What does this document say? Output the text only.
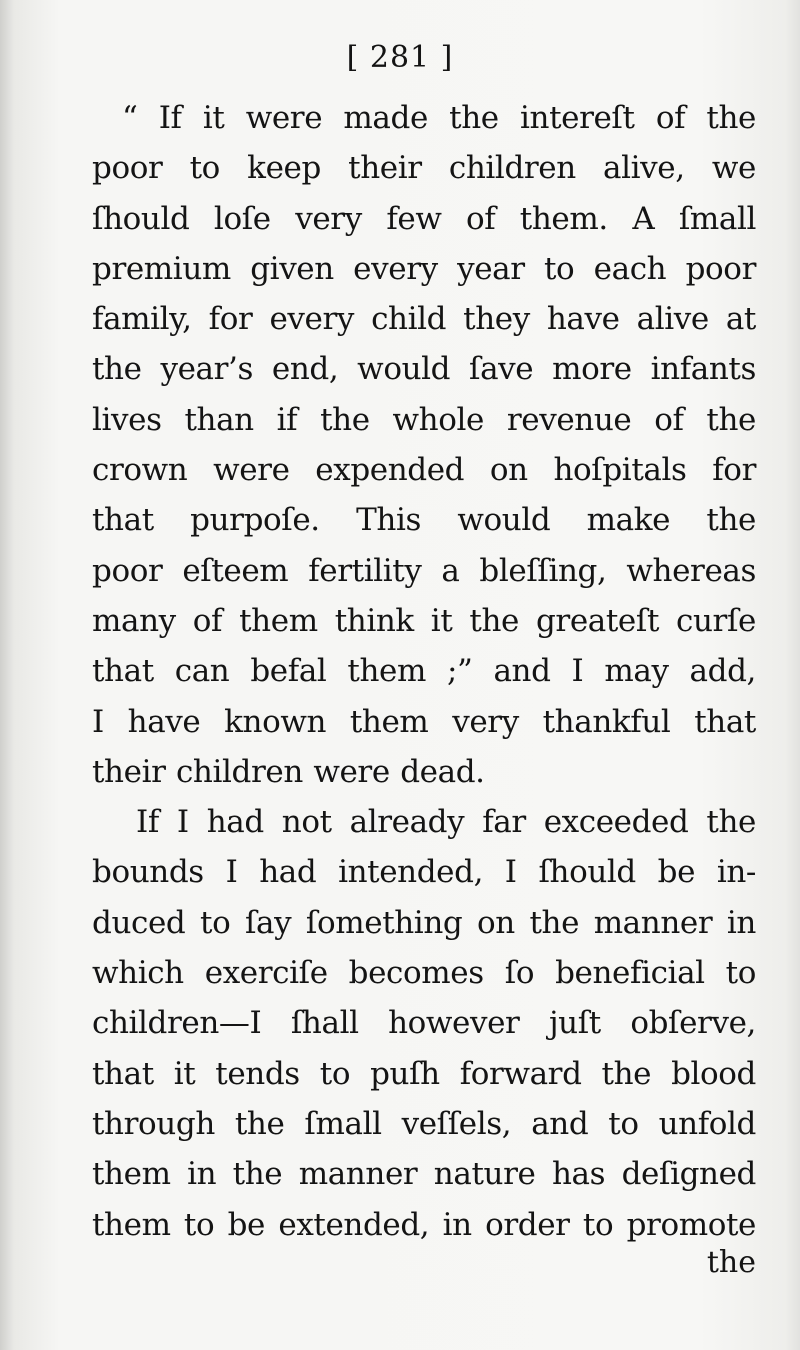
[ 281 ]
“ If it were made the intereſt of the
poor to keep their children alive, we
ſhould loſe very few of them. A ſmall
premium given every year to each poor
family, for every child they have alive at
the year’s end, would ſave more infants
lives than if the whole revenue of the
crown were expended on hoſpitals for
that purpoſe. This would make the
poor eſteem fertility a bleſſing, whereas
many of them think it the greateſt curſe
that can befal them ;” and I may add,
I have known them very thankful that
their children were dead.
If I had not already far exceeded the
bounds I had intended, I ſhould be in-
duced to ſay ſomething on the manner in
which exerciſe becomes ſo beneficial to
children—I ſhall however juſt obſerve,
that it tends to puſh forward the blood
through the ſmall veſſels, and to unfold
them in the manner nature has deſigned
them to be extended, in order to promote
the
